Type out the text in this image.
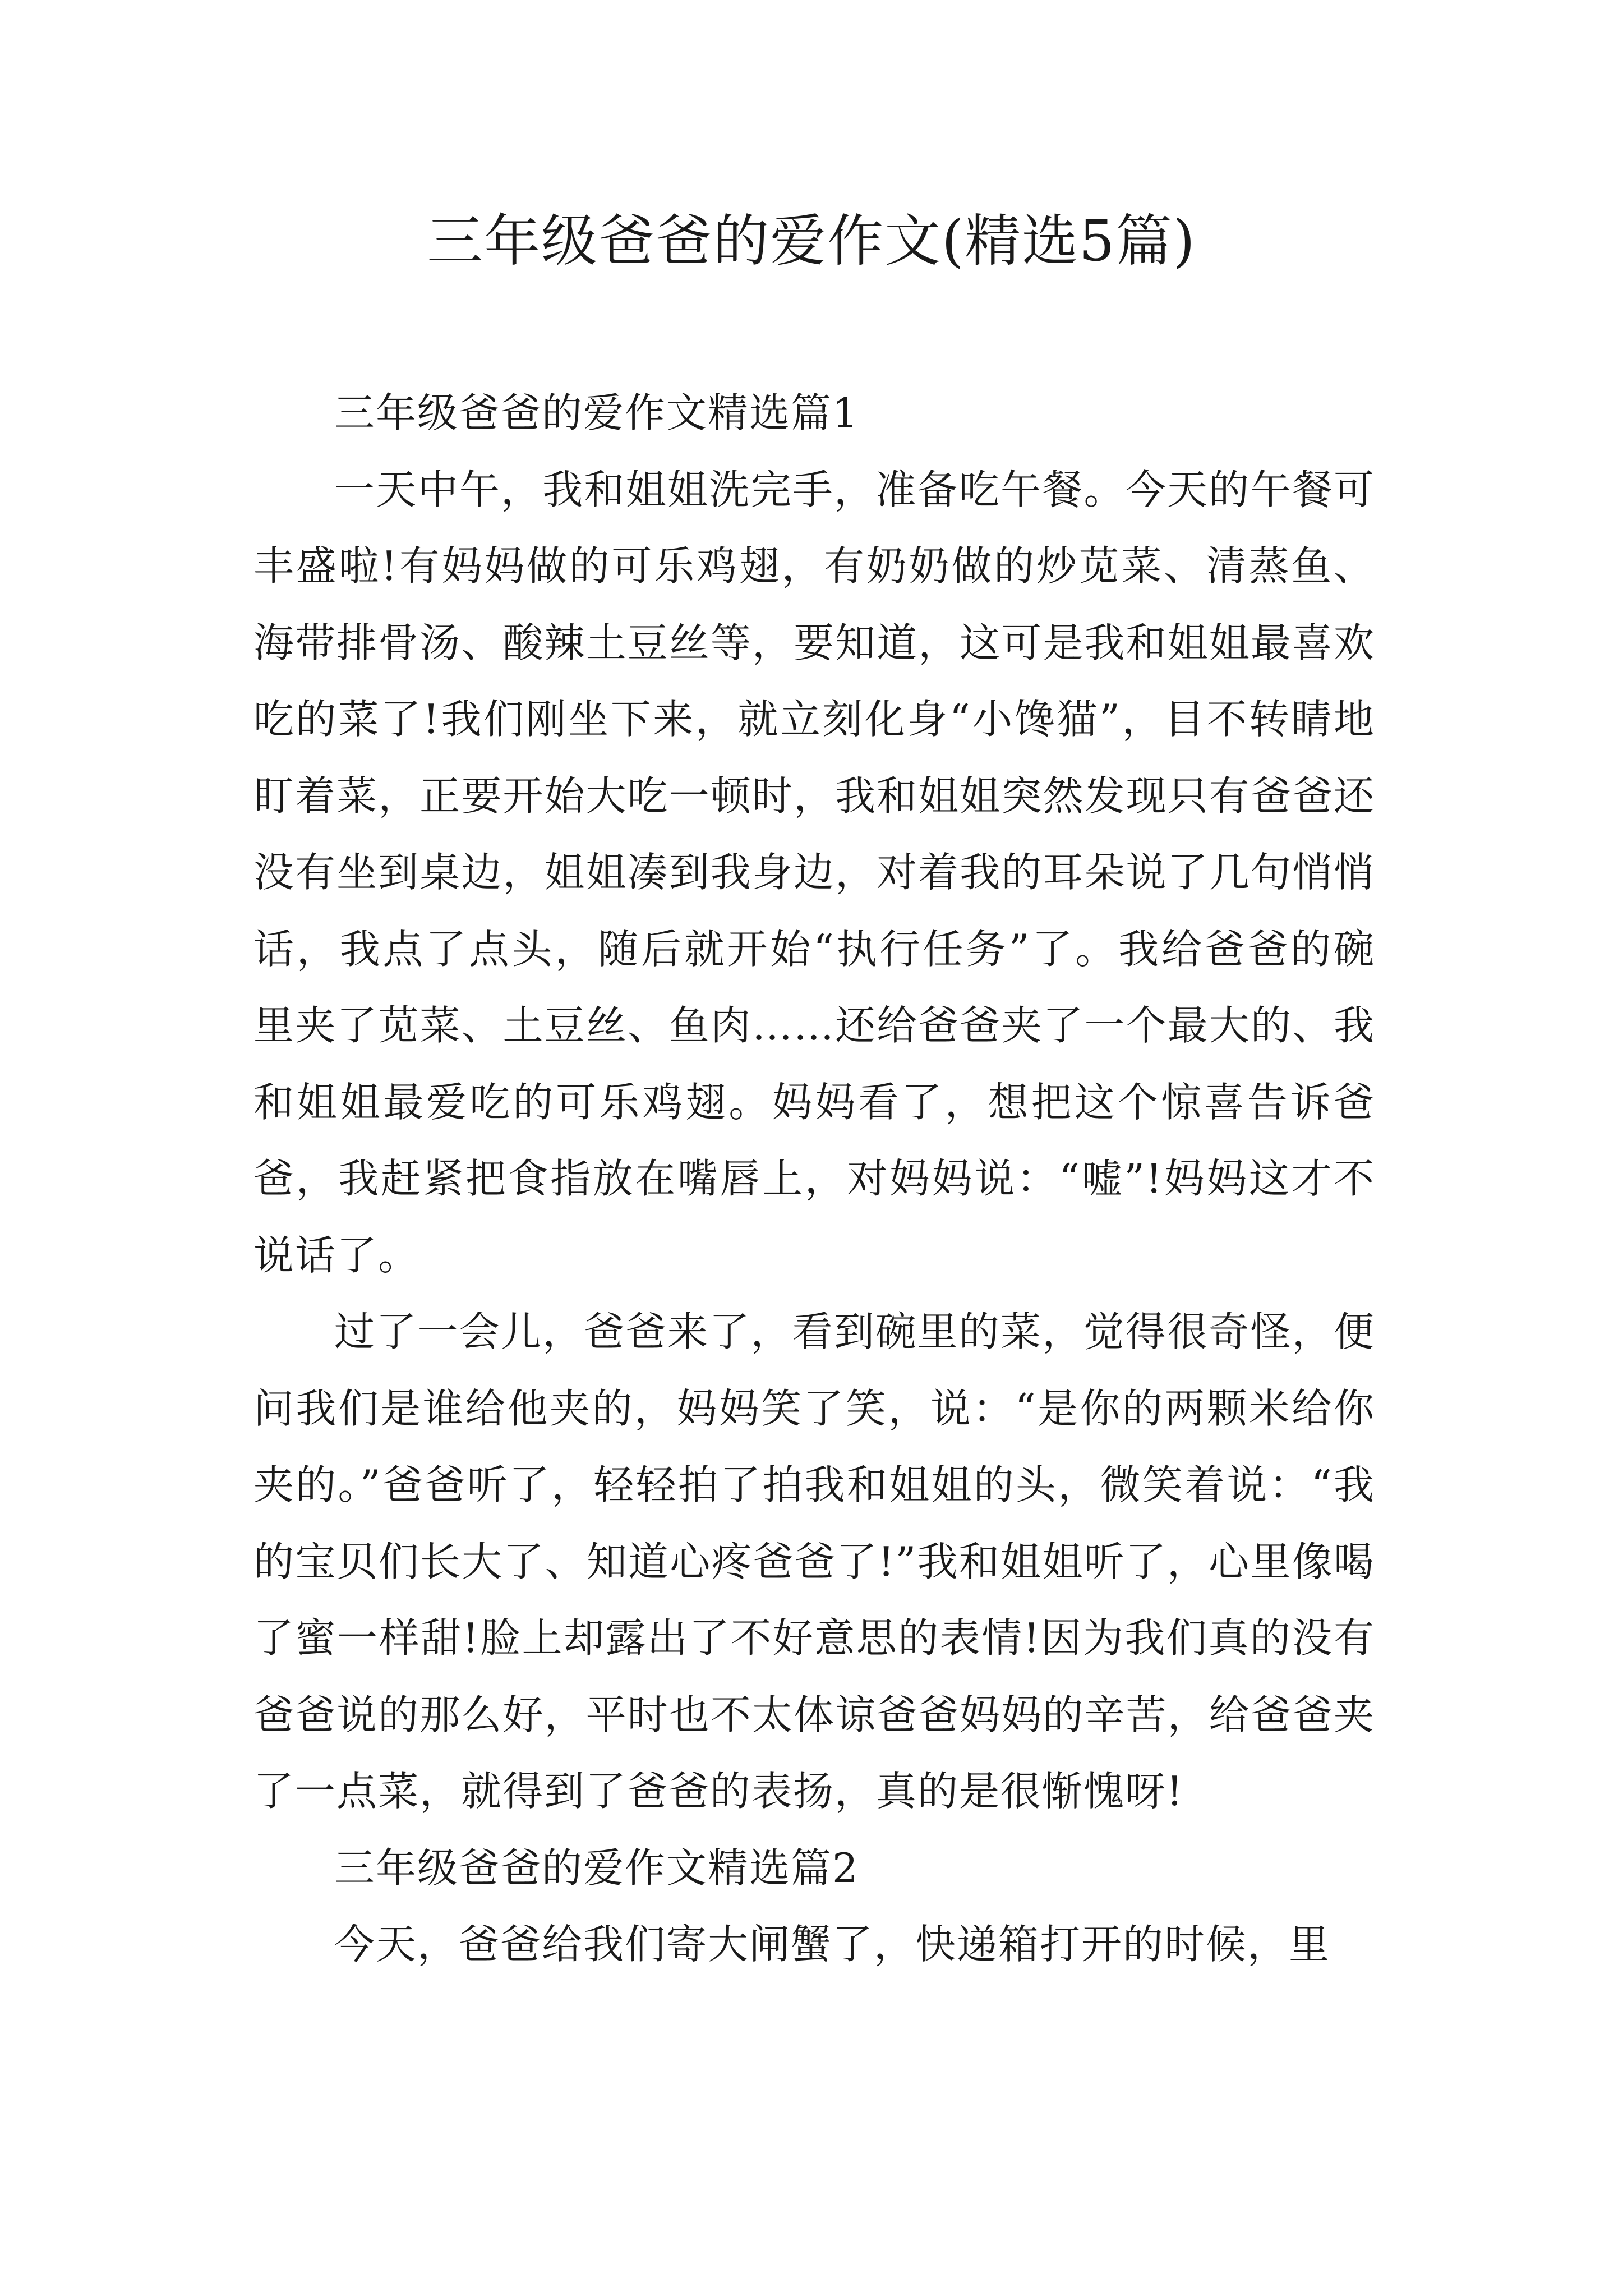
三年级爸爸的爱作文(精选5篇)

三年级爸爸的爱作文精选篇1

一天中午，我和姐姐洗完手，准备吃午餐。今天的午餐可丰盛啦!有妈妈做的可乐鸡翅，有奶奶做的炒苋菜、清蒸鱼、海带排骨汤、酸辣土豆丝等，要知道，这可是我和姐姐最喜欢吃的菜了!我们刚坐下来，就立刻化身“小馋猫”，目不转睛地盯着菜，正要开始大吃一顿时，我和姐姐突然发现只有爸爸还没有坐到桌边，姐姐凑到我身边，对着我的耳朵说了几句悄悄话，我点了点头，随后就开始“执行任务”了。我给爸爸的碗里夹了苋菜、土豆丝、鱼肉……还给爸爸夹了一个最大的、我和姐姐最爱吃的可乐鸡翅。妈妈看了，想把这个惊喜告诉爸爸，我赶紧把食指放在嘴唇上，对妈妈说：“嘘”!妈妈这才不说话了。

过了一会儿，爸爸来了，看到碗里的菜，觉得很奇怪，便问我们是谁给他夹的，妈妈笑了笑，说：“是你的两颗米给你夹的。”爸爸听了，轻轻拍了拍我和姐姐的头，微笑着说：“我的宝贝们长大了、知道心疼爸爸了!”我和姐姐听了，心里像喝了蜜一样甜!脸上却露出了不好意思的表情!因为我们真的没有爸爸说的那么好，平时也不太体谅爸爸妈妈的辛苦，给爸爸夹了一点菜，就得到了爸爸的表扬，真的是很惭愧呀!

三年级爸爸的爱作文精选篇2

今天，爸爸给我们寄大闸蟹了，快递箱打开的时候，里
